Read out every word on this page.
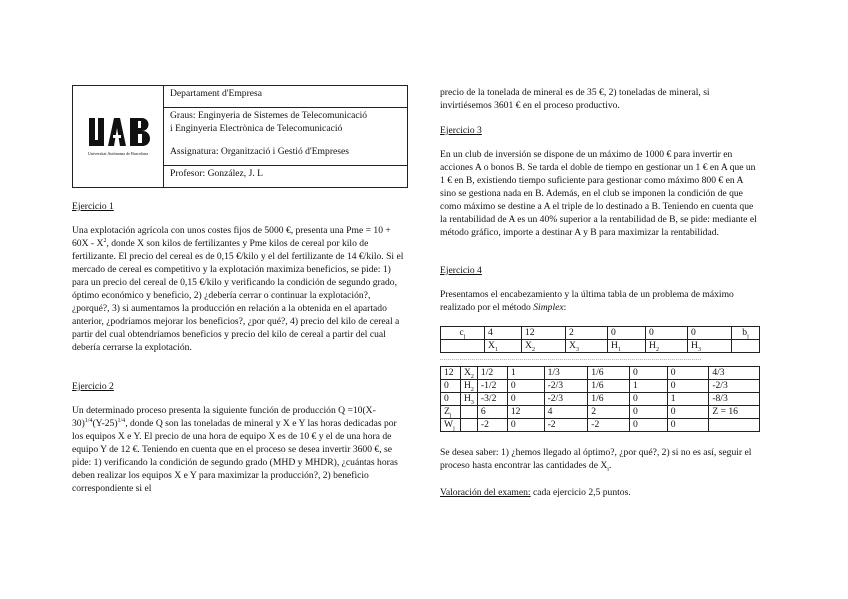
Universitat Autònoma de Barcelona
Departament d'Empresa

Graus: Enginyeria de Sistemes de Telecomunicació

i Enginyeria Electrònica de Telecomunicació

Assignatura: Organització i Gestió d'Empreses

Profesor: González, J. L
Ejercicio 1

Una explotación agrícola con unos costes fijos de 5000 €, presenta una Pme = $10 + 60X - X^2$, donde X son kilos de fertilizantes y Pme kilos de cereal por kilo de fertilizante. El precio del cereal es de 0,15 €/kilo y el del fertilizante de 14 €/kilo. Si el mercado de cereal es competitivo y la explotación maximiza beneficios, se pide: 1) para un precio del cereal de 0,15 €/kilo y verificando la condición de segundo grado, óptimo económico y beneficio, 2) ¿debería cerrar o continuar la explotación?, ¿porqué?, 3) si aumentamos la producción en relación a la obtenida en el apartado anterior, ¿podríamos mejorar los beneficios?, ¿por qué?, 4) precio del kilo de cereal a partir del cual obtendríamos beneficios y precio del kilo de cereal a partir del cual debería cerrarse la explotación.

Ejercicio 2

Un determinado proceso presenta la siguiente función de producción $Q =10(X-30)^{1/4}(Y-25)^{1/4}$, donde Q son las toneladas de mineral y X e Y las horas dedicadas por los equipos X e Y. El precio de una hora de equipo X es de 10 € y el de una hora de equipo Y de 12 €. Teniendo en cuenta que en el proceso se desea invertir 3600 €, se pide: 1) verificando la condición de segundo grado (MHD y MHDR), ¿cuántas horas deben realizar los equipos X e Y para maximizar la producción?, 2) beneficio correspondiente si el

precio de la tonelada de mineral es de 35 €, 2) toneladas de mineral, si invirtiésemos 3601 € en el proceso productivo.

Ejercicio 3

En un club de inversión se dispone de un máximo de 1000 € para invertir en acciones A o bonos B. Se tarda el doble de tiempo en gestionar un 1 € en A que un 1 € en B, existiendo tiempo suficiente para gestionar como máximo 800 € en A sino se gestiona nada en B. Además, en el club se imponen la condición de que como máximo se destine a A el triple de lo destinado a B. Teniendo en cuenta que la rentabilidad de A es un 40% superior a la rentabilidad de B, se pide: mediante el método gráfico, importe a destinar A y B para maximizar la rentabilidad.

Ejercicio 4

Presentamos el encabezamiento y la última tabla de un problema de máximo realizado por el método Simplex:

$c_j$	4	12	2	0	0	0	$b_j$
	$X_1$	$X_2$	$X_3$	$H_1$	$H_2$	$H_3$	
...................................................................................................................................
12	$X_2$	1/2	1	1/3	1/6	0	0	4/3
0	$H_2$	-1/2	0	-2/3	1/6	1	0	-2/3
0	$H_3$	-3/2	0	-2/3	1/6	0	1	-8/3
$Z_j$		6	12	4	2	0	0	Z = 16
$W_j$		-2	0	-2	-2	0	0	

Se desea saber: 1) ¿hemos llegado al óptimo?, ¿por qué?, 2) si no es así, seguir el proceso hasta encontrar las cantidades de $X_i$.

Valoración del examen: cada ejercicio 2,5 puntos.
